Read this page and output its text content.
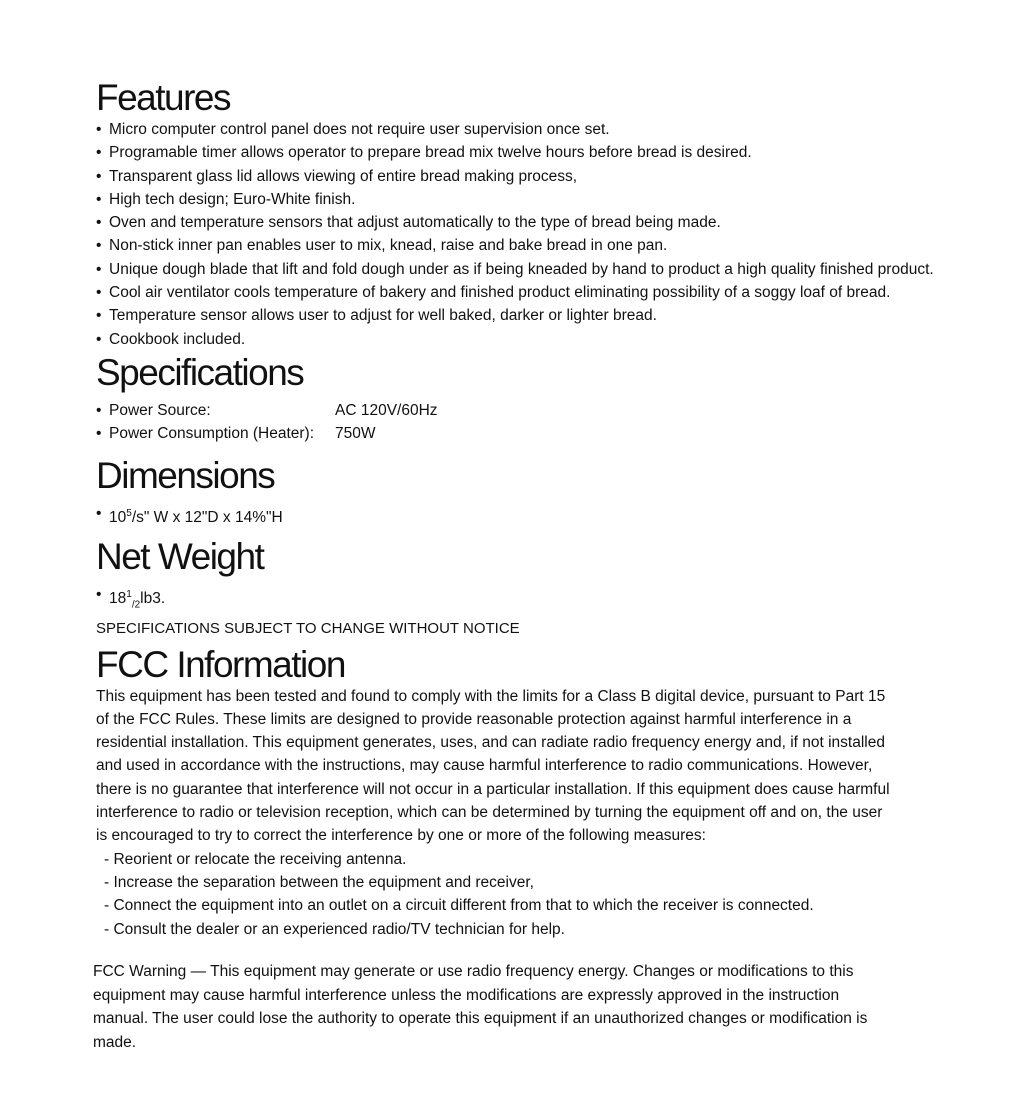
Features
• Micro computer control panel does not require user supervision once set.
• Programable timer allows operator to prepare bread mix twelve hours before bread is desired.
• Transparent glass lid allows viewing of entire bread making process,
• High tech design; Euro-White finish.
• Oven and temperature sensors that adjust automatically to the type of bread being made.
• Non-stick inner pan enables user to mix, knead, raise and bake bread in one pan.
• Unique dough blade that lift and fold dough under as if being kneaded by hand to product a high quality finished product.
• Cool air ventilator cools temperature of bakery and finished product eliminating possibility of a soggy loaf of bread.
• Temperature sensor allows user to adjust for well baked, darker or lighter bread.
• Cookbook included.
Specifications
• Power Source:	AC 120V/60Hz
• Power Consumption (Heater):	750W
Dimensions
• $10^5/s$" W x 12"D x 14%"H
Net Weight
• $18^1_{/2}lb3$.

SPECIFICATIONS SUBJECT TO CHANGE WITHOUT NOTICE

FCC Information

This equipment has been tested and found to comply with the limits for a Class B digital device, pursuant to Part 15

of the FCC Rules. These limits are designed to provide reasonable protection against harmful interference in a

residential installation. This equipment generates, uses, and can radiate radio frequency energy and, if not installed

and used in accordance with the instructions, may cause harmful interference to radio communications. However,

there is no guarantee that interference will not occur in a particular installation. If this equipment does cause harmful

interference to radio or television reception, which can be determined by turning the equipment off and on, the user

is encouraged to try to correct the interference by one or more of the following measures:

- Reorient or relocate the receiving antenna.
- Increase the separation between the equipment and receiver,
- Connect the equipment into an outlet on a circuit different from that to which the receiver is connected.
- Consult the dealer or an experienced radio/TV technician for help.
FCC Warning — This equipment may generate or use radio frequency energy. Changes or modifications to this
equipment may cause harmful interference unless the modifications are expressly approved in the instruction
manual. The user could lose the authority to operate this equipment if an unauthorized changes or modification is
made.
